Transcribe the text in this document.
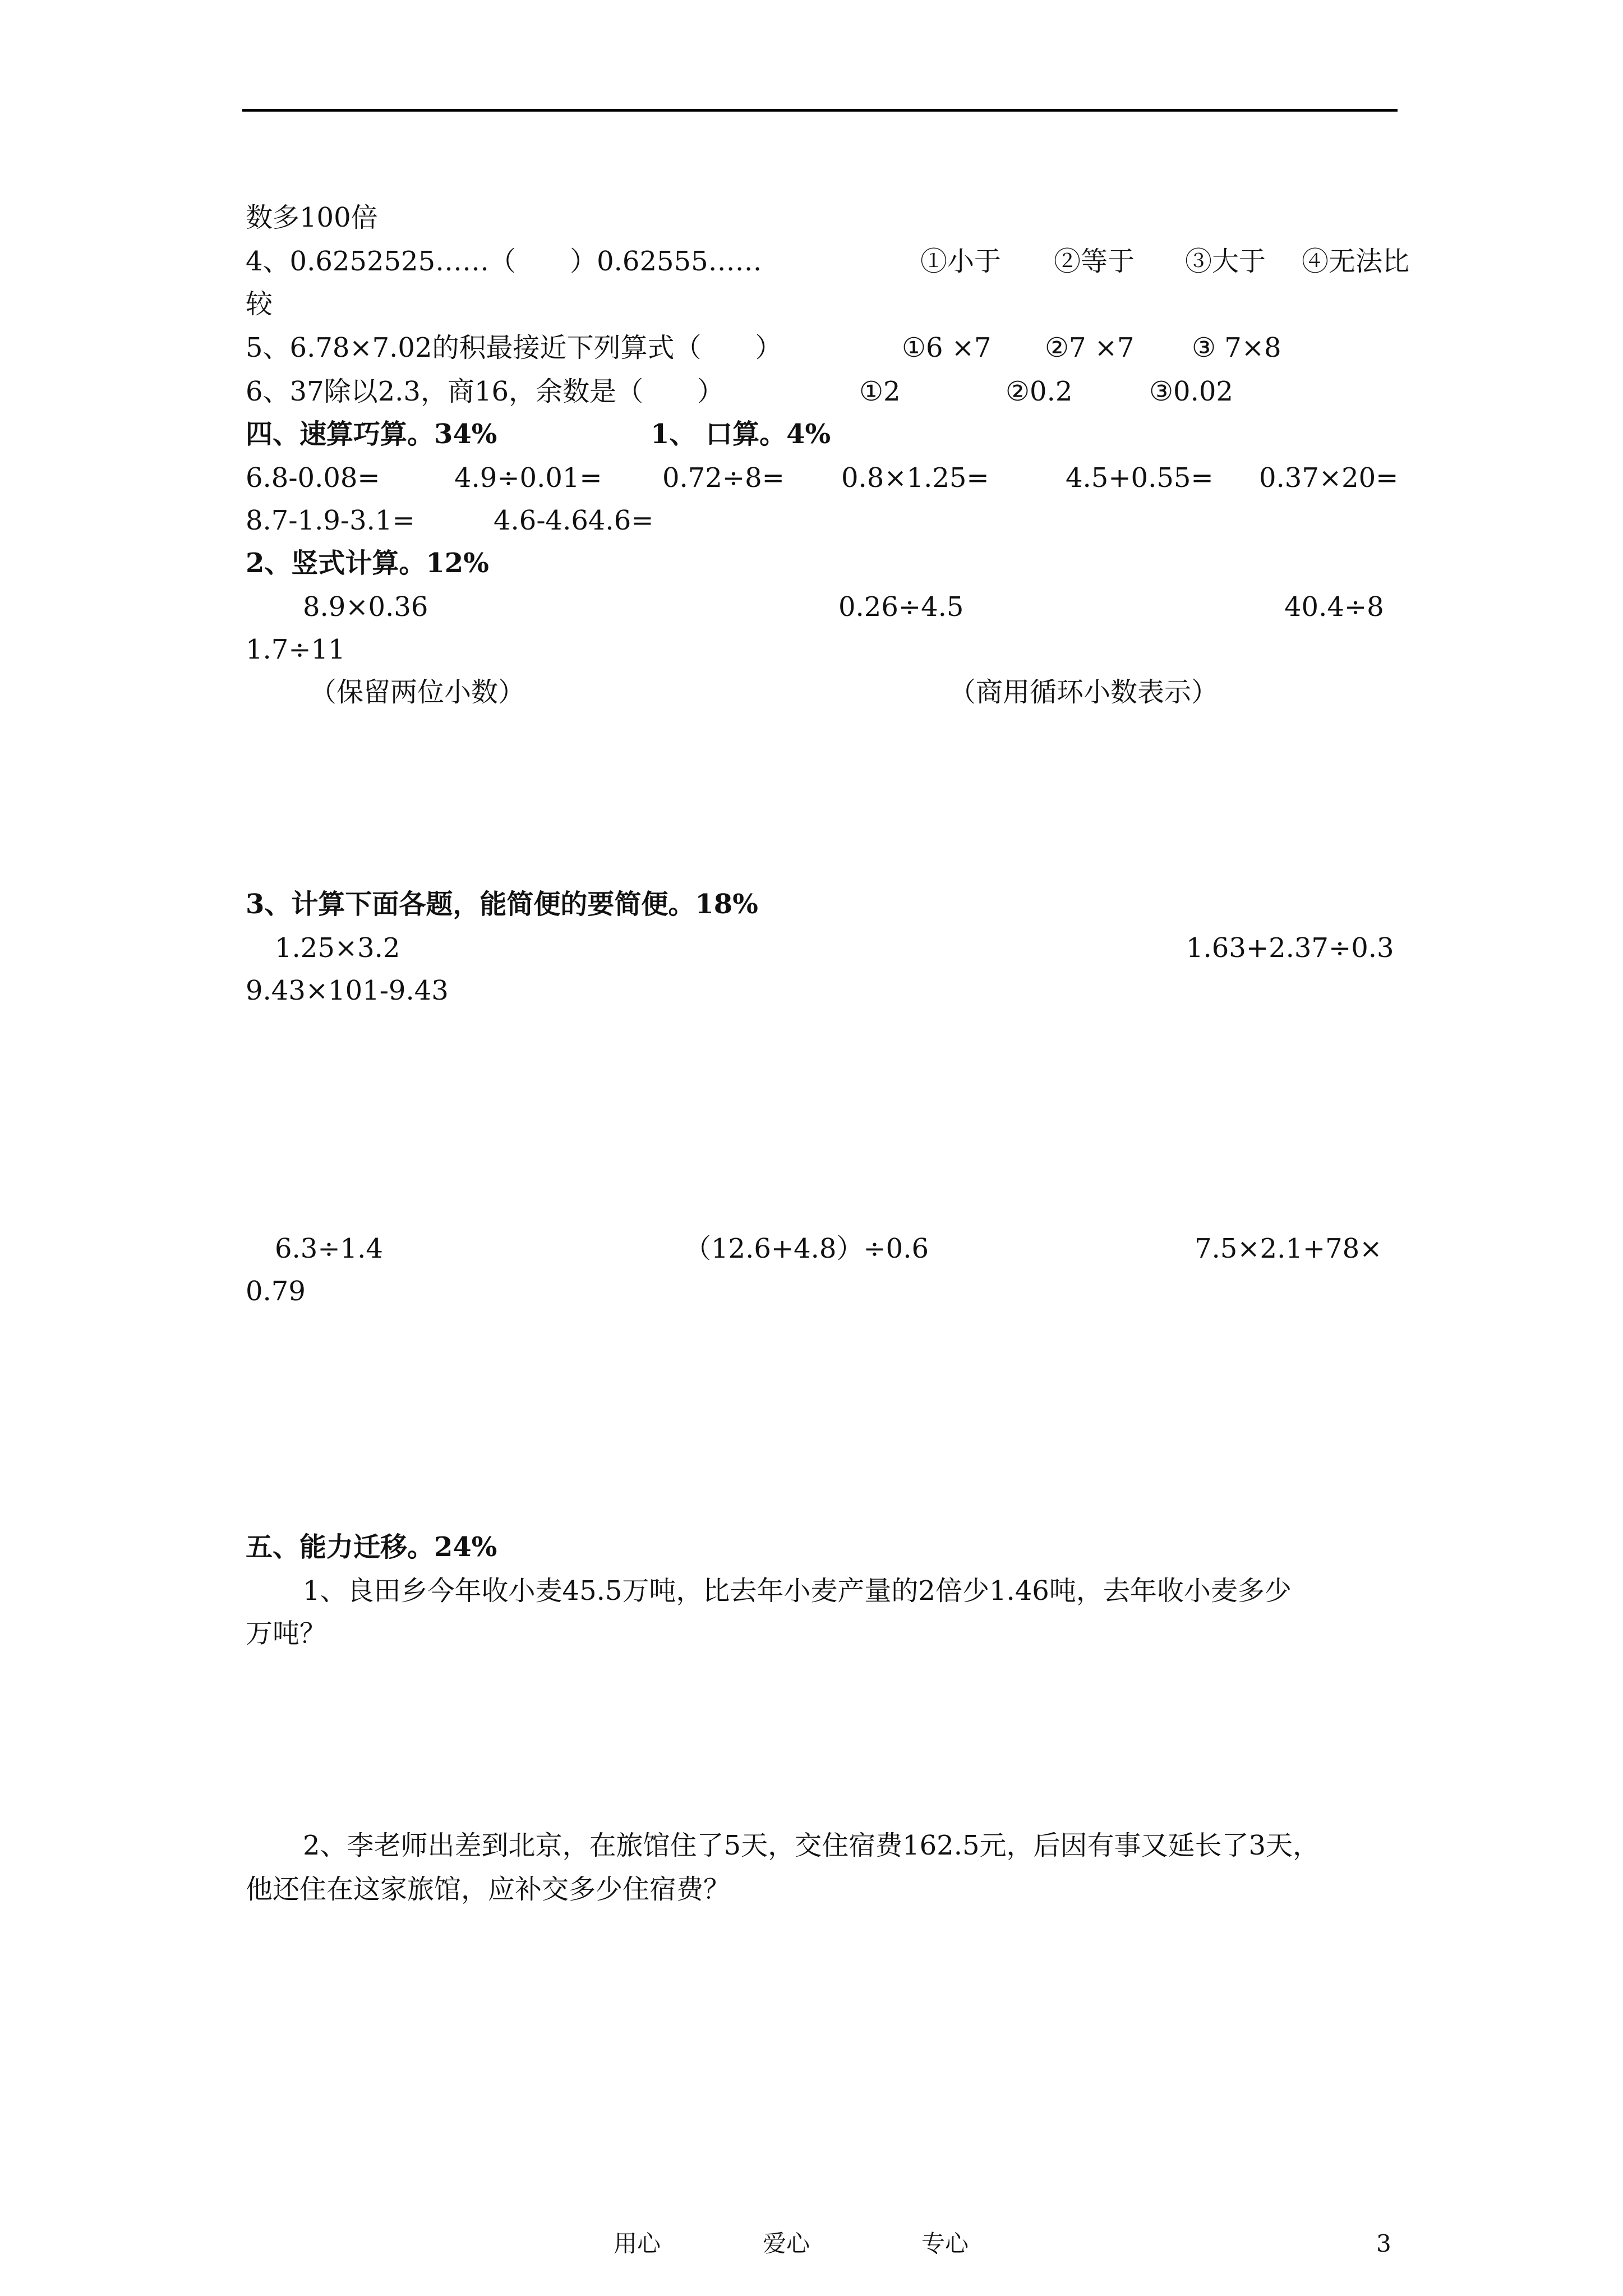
数多100倍
4、0.6252525……（　　）0.62555……	①小于 ②等于 ③大于 ④无法比
较
5、6.78×7.02的积最接近下列算式（　　）	①6 ×7 ②7 ×7 ③ 7×8
6、37除以2.3，商16，余数是（　　）	①2	②0.2	③0.02
四、速算巧算。34%	1、 口算。4%
6.8-0.08=	4.9÷0.01= 0.72÷8= 0.8×1.25=	4.5+0.55= 0.37×20=
8.7-1.9-3.1=	4.6-4.64.6=
2、竖式计算。12%
8.9×0.36	0.26÷4.5	40.4÷8
1.7÷11
（保留两位小数）	（商用循环小数表示）
3、计算下面各题，能简便的要简便。18%
1.25×3.2	1.63+2.37÷0.3
9.43×101-9.43
6.3÷1.4	（12.6+4.8）÷0.6	7.5×2.1+78×
0.79
五、能力迁移。24%
1、良田乡今年收小麦45.5万吨，比去年小麦产量的2倍少1.46吨，去年收小麦多少
万吨？
2、李老师出差到北京，在旅馆住了5天，交住宿费162.5元，后因有事又延长了3天，
他还住在这家旅馆，应补交多少住宿费？
用心	爱心	专心	3
